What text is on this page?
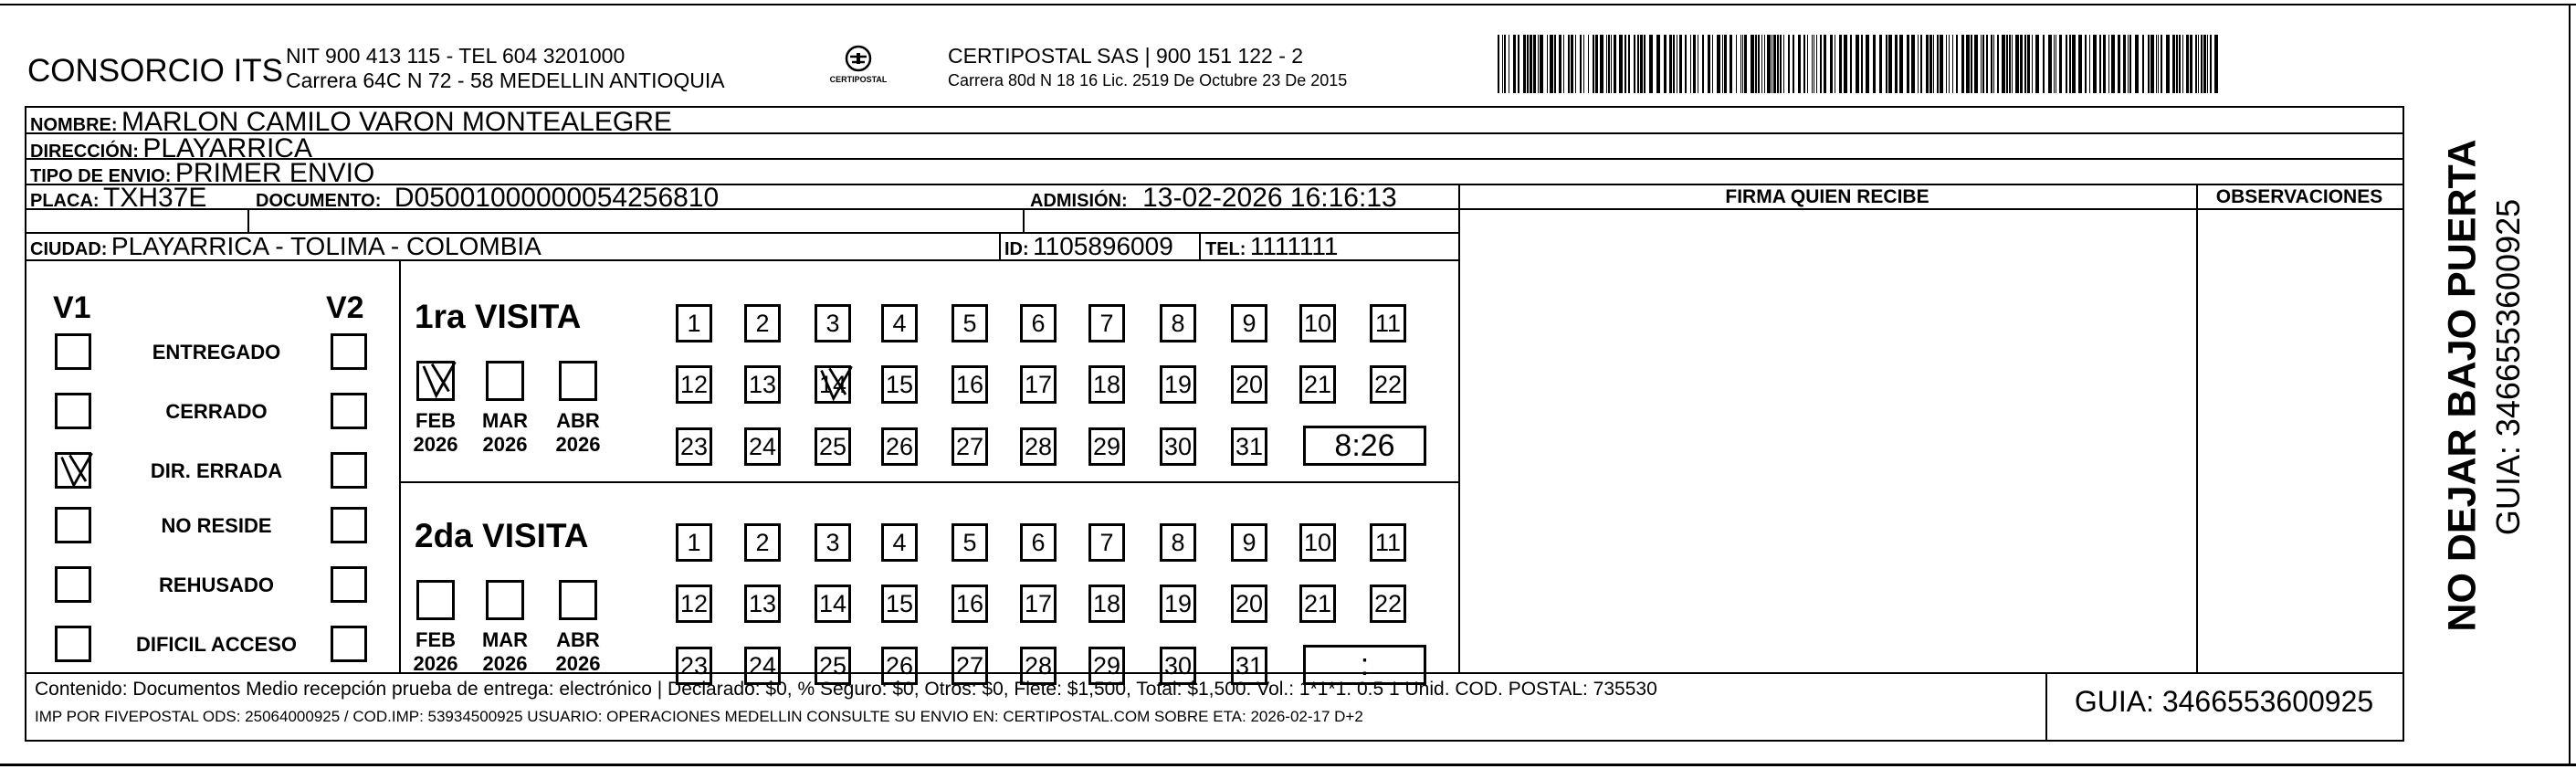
CONSORCIO ITS NIT 900 413 115 - TEL 604 3201000
Carrera 64C N 72 - 58 MEDELLIN ANTIOQUIA	CERTIPOSTAL
CERTIPOSTAL SAS | 900 151 122 - 2
Carrera 80d N 18 16 Lic. 2519 De Octubre 23 De 2015
NOMBRE: MARLON CAMILO VARON MONTEALEGRE
DIRECCIÓN: PLAYARRICA
TIPO DE ENVIO: PRIMER ENVIO
PLACA: TXH37E	DOCUMENTO: D05001000000054256810	ADMISIÓN: 13-02-2026 16:16:13
CIUDAD: PLAYARRICA - TOLIMA - COLOMBIA	ID: 1105896009 TEL: 1111111
FIRMA QUIEN RECIBE	OBSERVACIONES
V1	V2
ENTREGADO
CERRADO
DIR. ERRADA
NO RESIDE
REHUSADO
DIFICIL ACCESO
1ra VISITA
FEB
2026
MAR
2026
ABR
2026
1	2	3	4	5	6	7	8	9	10 11
12 13 14 15 16 17 18 19 20 21 22
23 24 25 26 27 28 29 30 31	8:26
2da VISITA
FEB
2026
MAR
2026
ABR
2026
1	2	3	4	5	6	7	8	9	10 11
12 13 14 15 16 17 18 19 20 21 22
23 24 25 26 27 28 29 30 31	:
NO DEJAR BAJO PUERTA GUIA: 3466553600925
Contenido: Documentos Medio recepción prueba de entrega: electrónico | Declarado: $0, % Seguro: $0, Otros: $0, Flete: $1,500, Total: $1,500. Vol.: 1*1*1. 0.5 1 Unid. COD. POSTAL: 735530
IMP POR FIVEPOSTAL ODS: 25064000925 / COD.IMP: 53934500925 USUARIO: OPERACIONES MEDELLIN CONSULTE SU ENVIO EN: CERTIPOSTAL.COM SOBRE ETA: 2026-02-17 D+2	GUIA: 3466553600925
